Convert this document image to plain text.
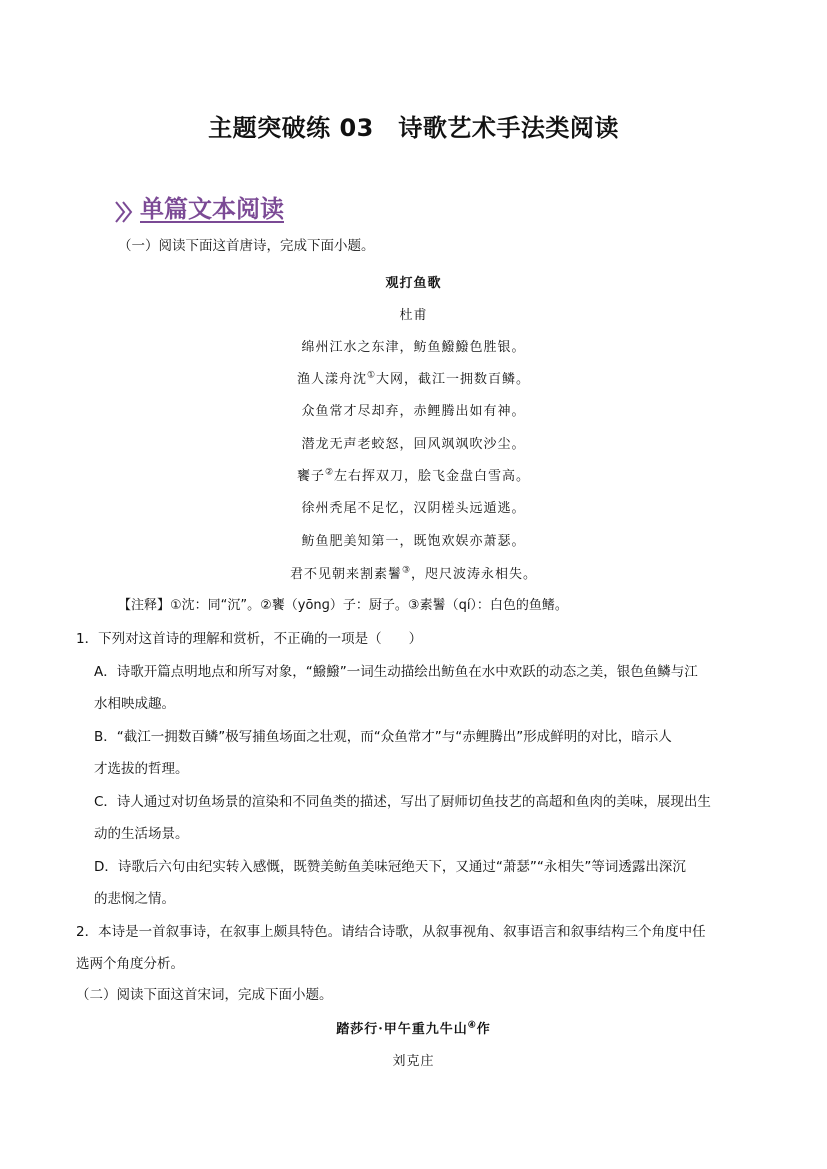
主题突破练 03　诗歌艺术手法类阅读
单篇文本阅读
（一）阅读下面这首唐诗，完成下面小题。
观打鱼歌
杜甫
绵州江水之东津，鲂鱼鱍鱍色胜银。
渔人漾舟沈①大网，截江一拥数百鳞。
众鱼常才尽却弃，赤鲤腾出如有神。
潜龙无声老蛟怒，回风飒飒吹沙尘。
饔子②左右挥双刀，脍飞金盘白雪高。
徐州秃尾不足忆，汉阴槎头远遁逃。
鲂鱼肥美知第一，既饱欢娱亦萧瑟。
君不见朝来割素鬐③，咫尺波涛永相失。
【注释】①沈：同“沉”。②饔（yōnɡ）子：厨子。③素鬐（qí）：白色的鱼鳍。
1．下列对这首诗的理解和赏析，不正确的一项是（　　）
A．诗歌开篇点明地点和所写对象，“鱍鱍”一词生动描绘出鲂鱼在水中欢跃的动态之美，银色鱼鳞与江
水相映成趣。
B．“截江一拥数百鳞”极写捕鱼场面之壮观，而“众鱼常才”与“赤鲤腾出”形成鲜明的对比，暗示人
才选拔的哲理。
C．诗人通过对切鱼场景的渲染和不同鱼类的描述，写出了厨师切鱼技艺的高超和鱼肉的美味，展现出生
动的生活场景。
D．诗歌后六句由纪实转入感慨，既赞美鲂鱼美味冠绝天下，又通过“萧瑟”“永相失”等词透露出深沉
的悲悯之情。
2．本诗是一首叙事诗，在叙事上颇具特色。请结合诗歌，从叙事视角、叙事语言和叙事结构三个角度中任
选两个角度分析。
（二）阅读下面这首宋词，完成下面小题。
踏莎行·甲午重九牛山④作
刘克庄
